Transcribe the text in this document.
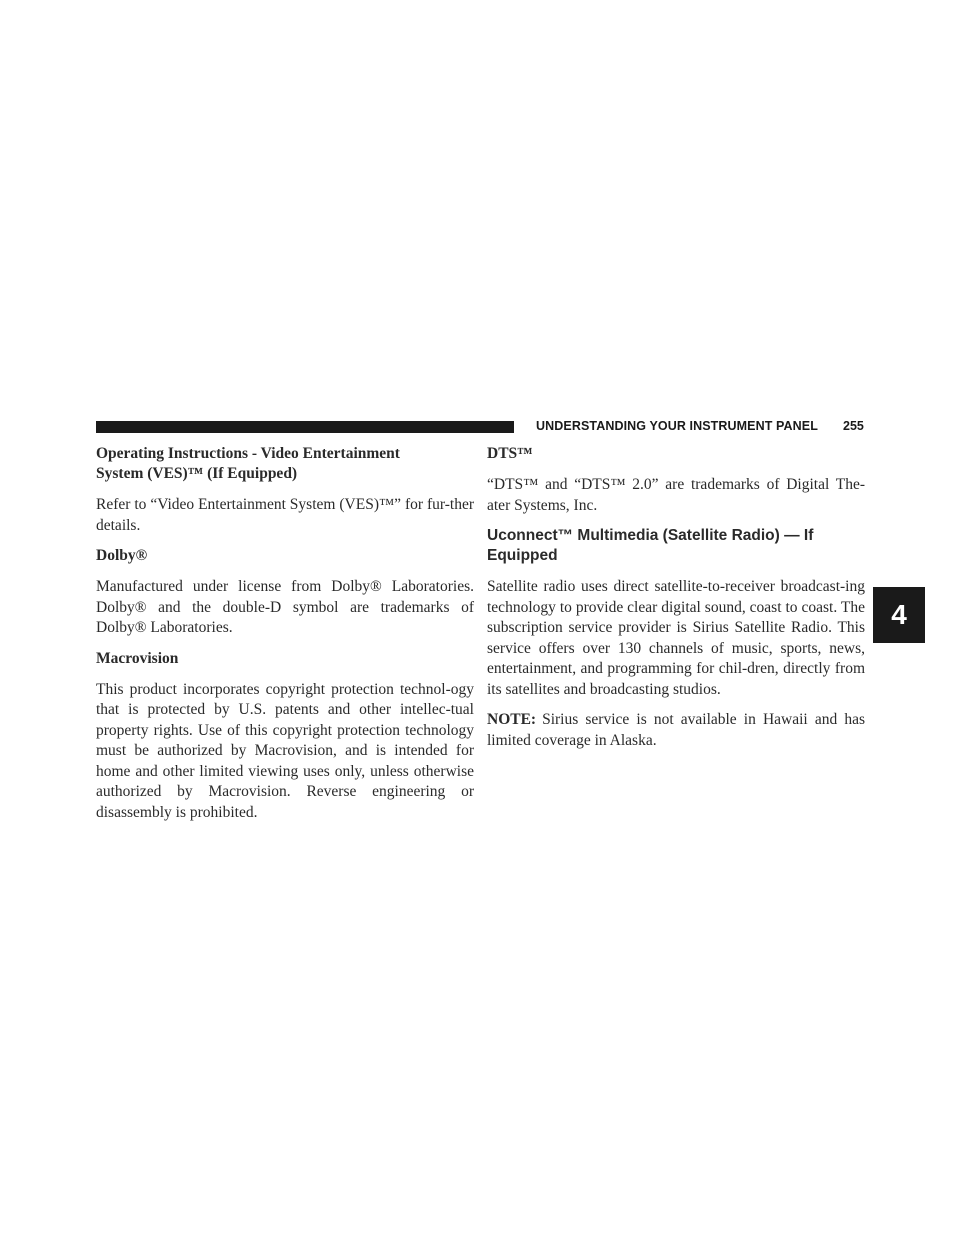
UNDERSTANDING YOUR INSTRUMENT PANEL 255
Operating Instructions - Video Entertainment
System (VES)™ (If Equipped)

Refer to “Video Entertainment System (VES)™” for fur-ther details.

Dolby®

Manufactured under license from Dolby® Laboratories. Dolby® and the double-D symbol are trademarks of Dolby® Laboratories.

Macrovision

This product incorporates copyright protection technol-ogy that is protected by U.S. patents and other intellec-tual property rights. Use of this copyright protection technology must be authorized by Macrovision, and is intended for home and other limited viewing uses only, unless otherwise authorized by Macrovision. Reverse engineering or disassembly is prohibited.

DTS™

“DTS™ and “DTS™ 2.0” are trademarks of Digital The-ater Systems, Inc.

Uconnect™ Multimedia (Satellite Radio) — If
Equipped

Satellite radio uses direct satellite-to-receiver broadcast-ing technology to provide clear digital sound, coast to coast. The subscription service provider is Sirius Satellite Radio. This service offers over 130 channels of music, sports, news, entertainment, and programming for chil-dren, directly from its satellites and broadcasting studios.

NOTE: Sirius service is not available in Hawaii and has limited coverage in Alaska.

4
